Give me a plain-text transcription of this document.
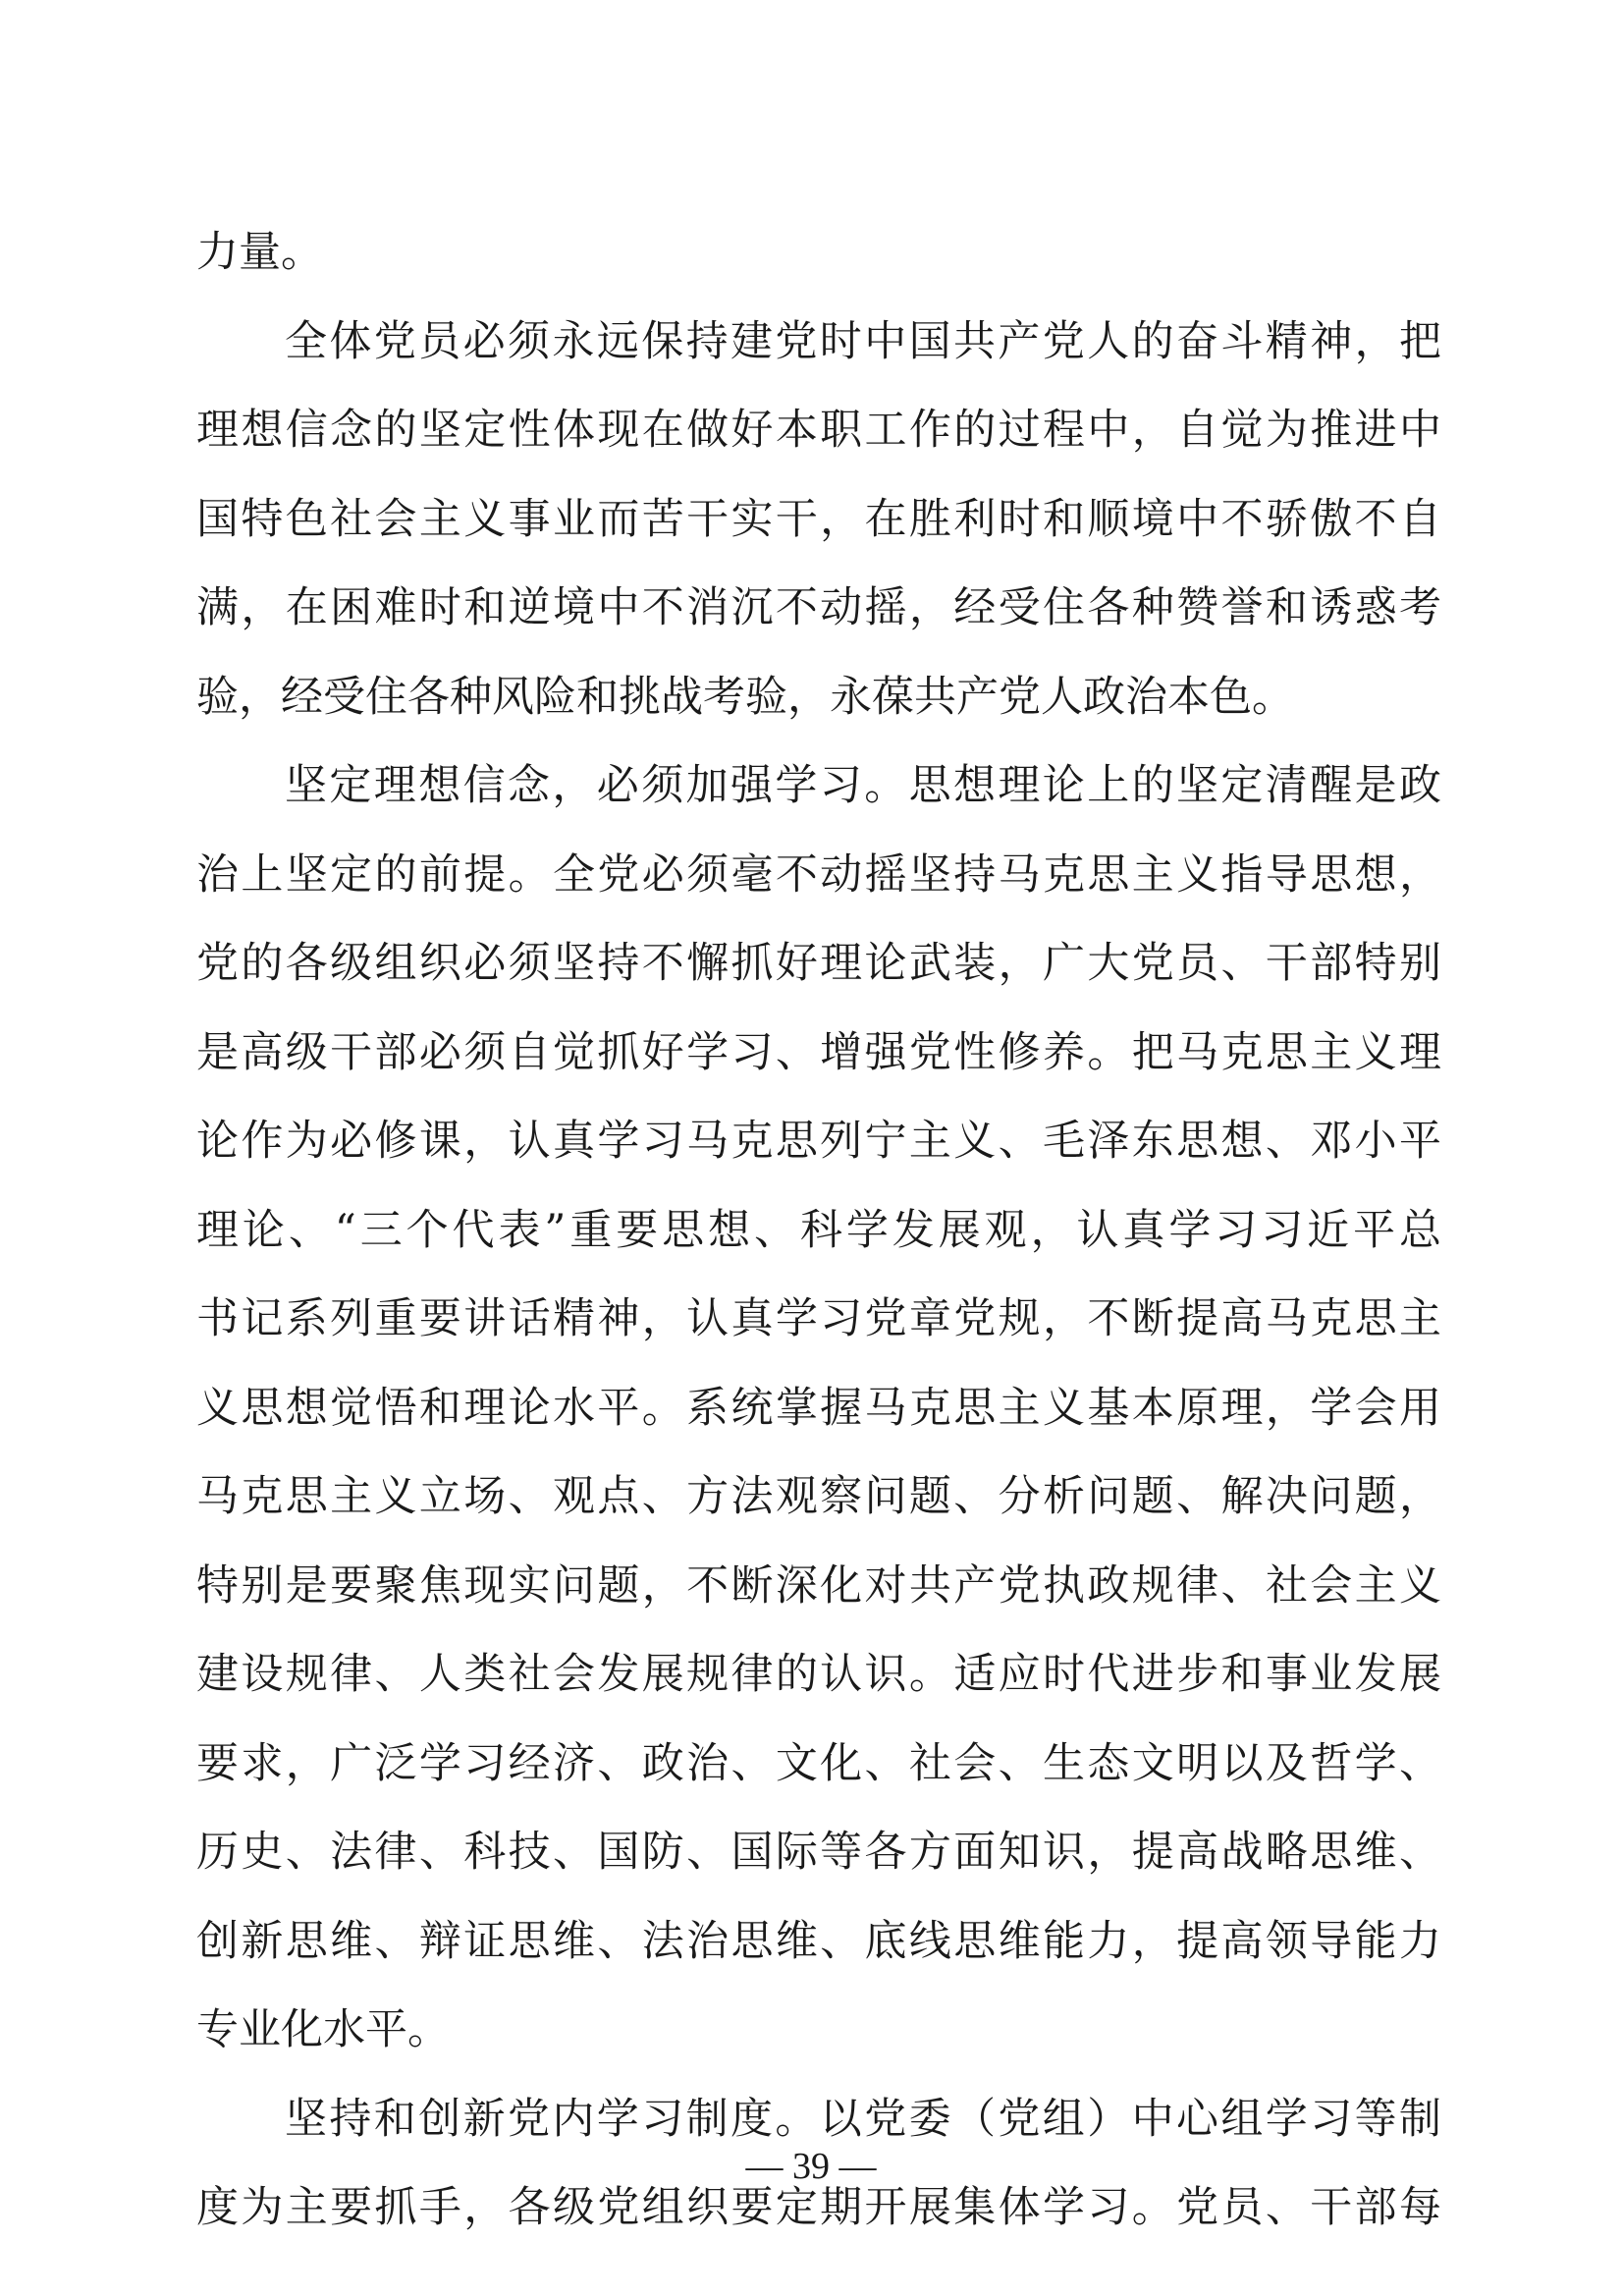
力量。
全体党员必须永远保持建党时中国共产党人的奋斗精神，把
理想信念的坚定性体现在做好本职工作的过程中，自觉为推进中
国特色社会主义事业而苦干实干，在胜利时和顺境中不骄傲不自
满，在困难时和逆境中不消沉不动摇，经受住各种赞誉和诱惑考
验，经受住各种风险和挑战考验，永葆共产党人政治本色。
坚定理想信念，必须加强学习。思想理论上的坚定清醒是政
治上坚定的前提。全党必须毫不动摇坚持马克思主义指导思想，
党的各级组织必须坚持不懈抓好理论武装，广大党员、干部特别
是高级干部必须自觉抓好学习、增强党性修养。把马克思主义理
论作为必修课，认真学习马克思列宁主义、毛泽东思想、邓小平
理论、“三个代表”重要思想、科学发展观，认真学习习近平总
书记系列重要讲话精神，认真学习党章党规，不断提高马克思主
义思想觉悟和理论水平。系统掌握马克思主义基本原理，学会用
马克思主义立场、观点、方法观察问题、分析问题、解决问题，
特别是要聚焦现实问题，不断深化对共产党执政规律、社会主义
建设规律、人类社会发展规律的认识。适应时代进步和事业发展
要求，广泛学习经济、政治、文化、社会、生态文明以及哲学、
历史、法律、科技、国防、国际等各方面知识，提高战略思维、
创新思维、辩证思维、法治思维、底线思维能力，提高领导能力
专业化水平。
坚持和创新党内学习制度。以党委（党组）中心组学习等制
度为主要抓手，各级党组织要定期开展集体学习。党员、干部每
— 39 —
